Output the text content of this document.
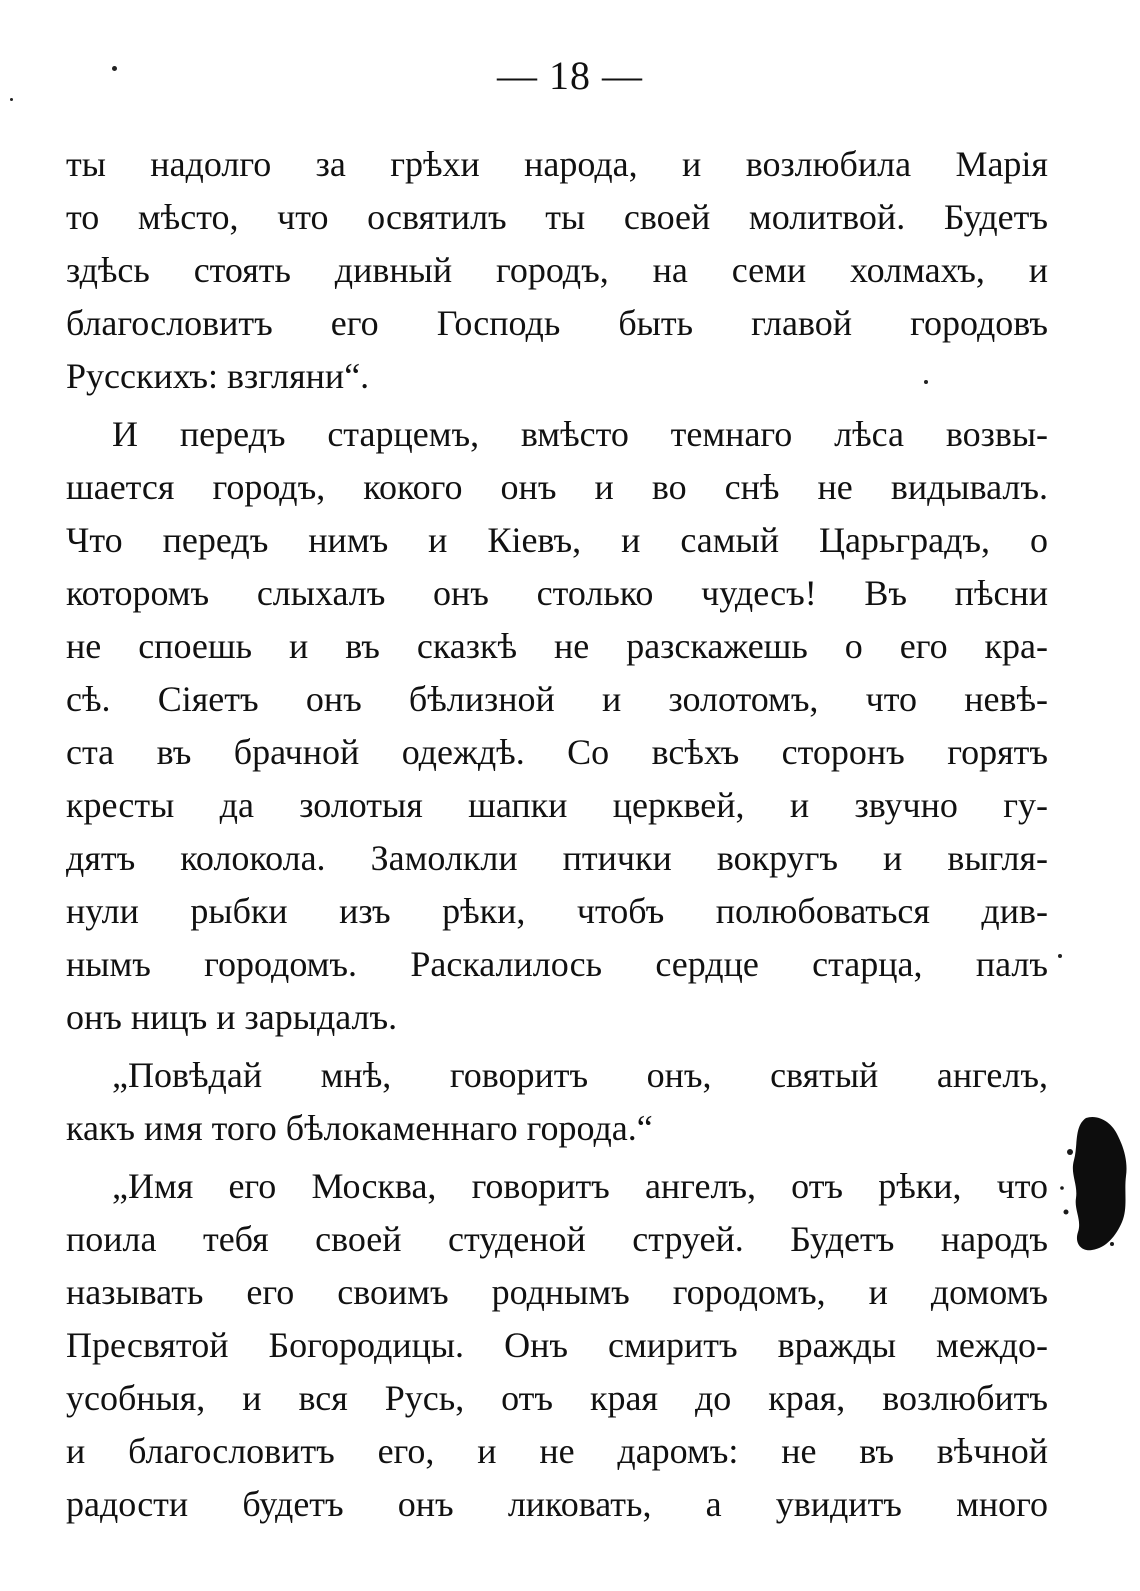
— 18 —
ты надолго за грѣхи народа, и возлюбила Марія
то мѣсто, что освятилъ ты своей молитвой. Будетъ
здѣсь стоять дивный городъ, на семи холмахъ, и
благословитъ его Господь быть главой городовъ
Русскихъ: взгляни“.
И передъ старцемъ, вмѣсто темнаго лѣса возвы-
шается городъ, кокого онъ и во снѣ не видывалъ.
Что передъ нимъ и Кіевъ, и самый Царьградъ, о
которомъ слыхалъ онъ столько чудесъ! Въ пѣсни
не споешь и въ сказкѣ не разскажешь о его кра-
сѣ. Сіяетъ онъ бѣлизной и золотомъ, что невѣ-
ста въ брачной одеждѣ. Со всѣхъ сторонъ горятъ
кресты да золотыя шапки церквей, и звучно гу-
дятъ колокола. Замолкли птички вокругъ и выгля-
нули рыбки изъ рѣки, чтобъ полюбоваться див-
нымъ городомъ. Раскалилось сердце старца, палъ
онъ ницъ и зарыдалъ.
„Повѣдай мнѣ, говоритъ онъ, святый ангелъ,
какъ имя того бѣлокаменнаго города.“
„Имя его Москва, говоритъ ангелъ, отъ рѣки, что
поила тебя своей студеной струей. Будетъ народъ
называть его своимъ роднымъ городомъ, и домомъ
Пресвятой Богородицы. Онъ смиритъ вражды междо-
усобныя, и вся Русь, отъ края до края, возлюбитъ
и благословитъ его, и не даромъ: не въ вѣчной
радости будетъ онъ ликовать, а увидитъ много
